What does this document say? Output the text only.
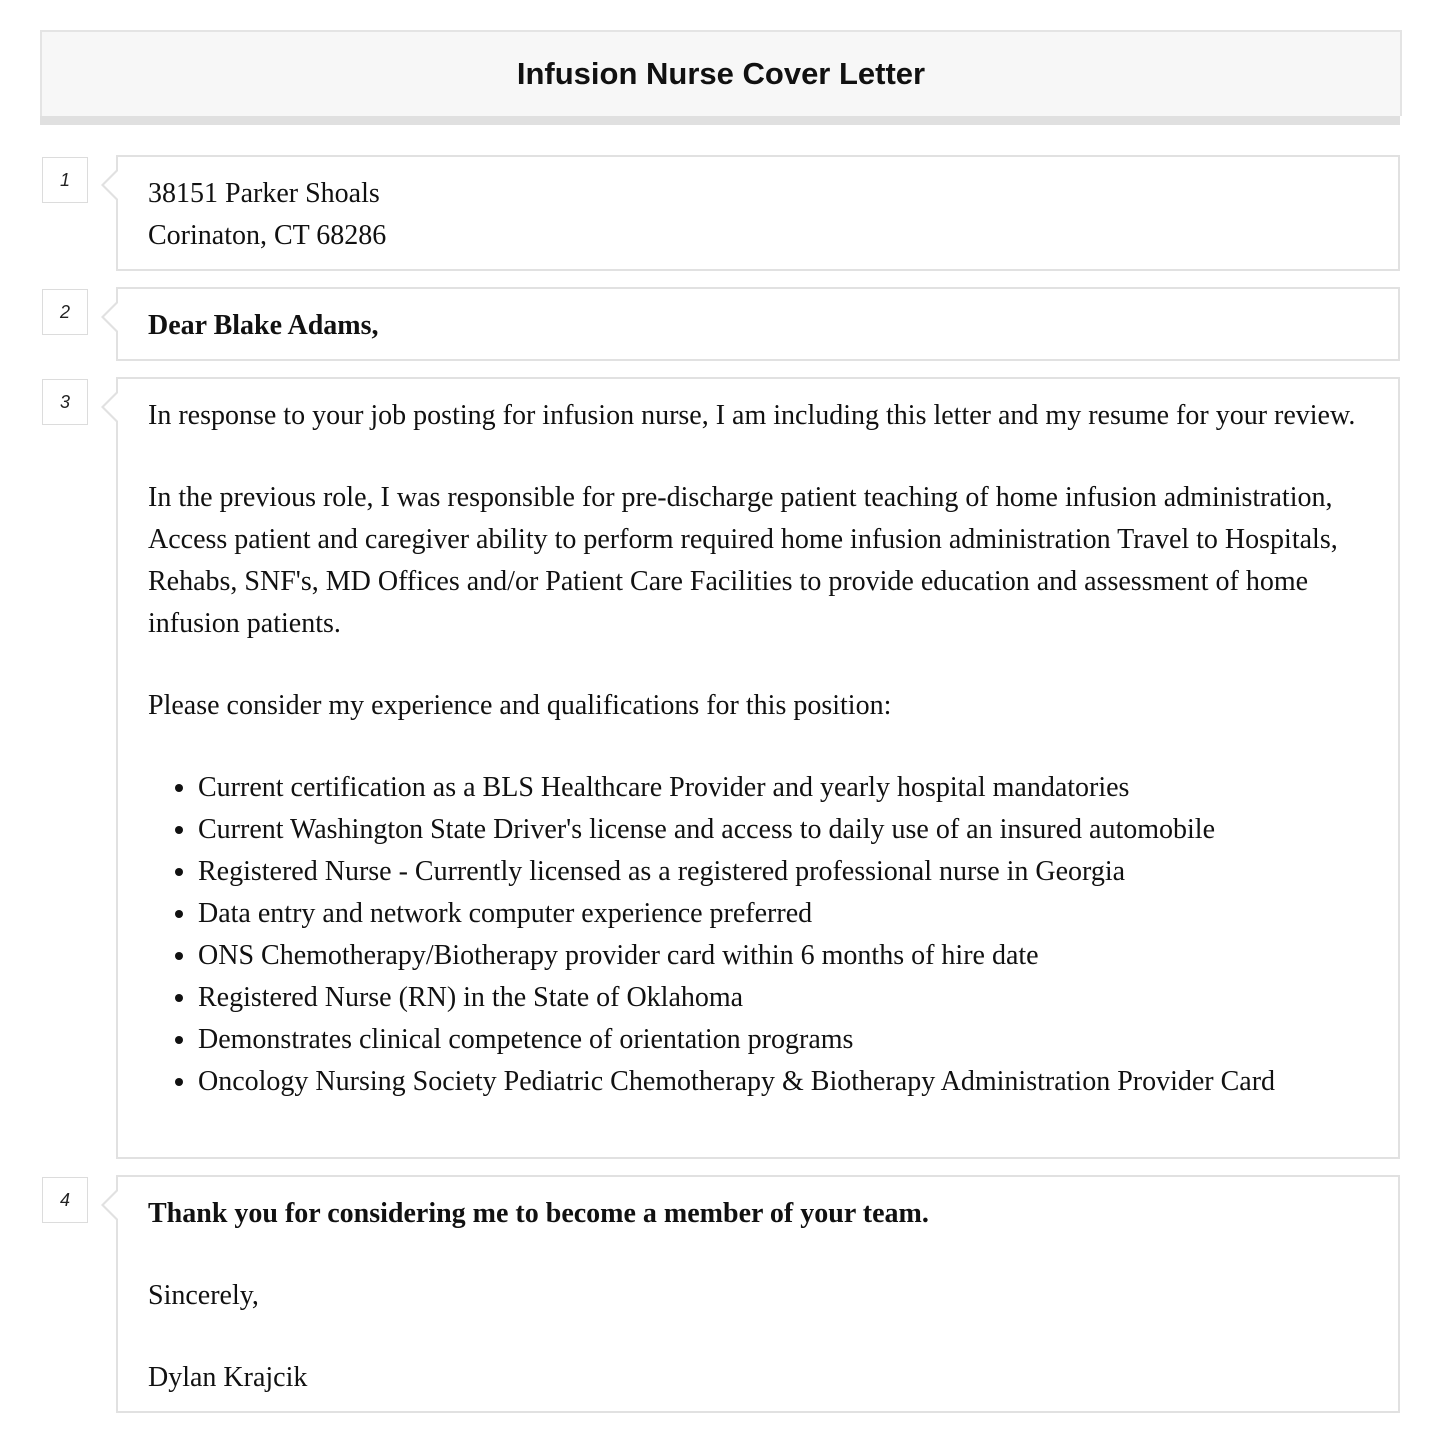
Infusion Nurse Cover Letter
1	38151 Parker Shoals
Corinaton, CT 68286
2	Dear Blake Adams,
3	In response to your job posting for infusion nurse, I am including this letter and my resume for your review.

In the previous role, I was responsible for pre-discharge patient teaching of home infusion administration, Access patient and caregiver ability to perform required home infusion administration Travel to Hospitals, Rehabs, SNF's, MD Offices and/or Patient Care Facilities to provide education and assessment of home infusion patients.

Please consider my experience and qualifications for this position:

• Current certification as a BLS Healthcare Provider and yearly hospital mandatories
• Current Washington State Driver's license and access to daily use of an insured automobile
• Registered Nurse - Currently licensed as a registered professional nurse in Georgia
• Data entry and network computer experience preferred
• ONS Chemotherapy/Biotherapy provider card within 6 months of hire date
• Registered Nurse (RN) in the State of Oklahoma
• Demonstrates clinical competence of orientation programs
• Oncology Nursing Society Pediatric Chemotherapy & Biotherapy Administration Provider Card
4	Thank you for considering me to become a member of your team.

Sincerely,

Dylan Krajcik
